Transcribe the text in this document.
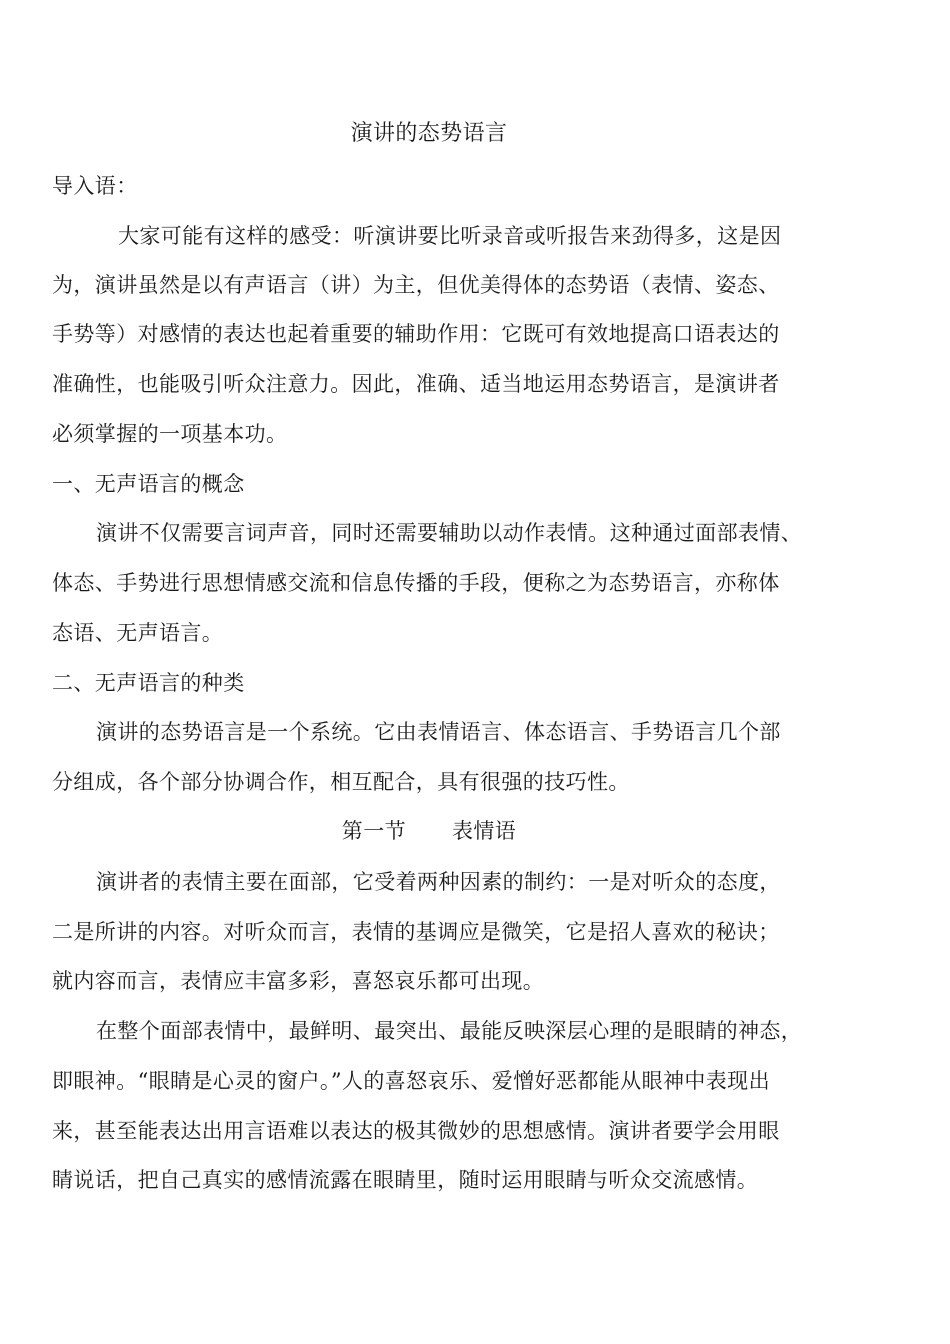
演讲的态势语言
导入语：
大家可能有这样的感受：听演讲要比听录音或听报告来劲得多，这是因
为，演讲虽然是以有声语言（讲）为主，但优美得体的态势语（表情、姿态、
手势等）对感情的表达也起着重要的辅助作用：它既可有效地提高口语表达的
准确性，也能吸引听众注意力。因此，准确、适当地运用态势语言，是演讲者
必须掌握的一项基本功。
一、无声语言的概念
演讲不仅需要言词声音，同时还需要辅助以动作表情。这种通过面部表情、
体态、手势进行思想情感交流和信息传播的手段，便称之为态势语言，亦称体
态语、无声语言。
二、无声语言的种类
演讲的态势语言是一个系统。它由表情语言、体态语言、手势语言几个部
分组成，各个部分协调合作，相互配合，具有很强的技巧性。
第一节 表情语
演讲者的表情主要在面部，它受着两种因素的制约：一是对听众的态度，
二是所讲的内容。对听众而言，表情的基调应是微笑，它是招人喜欢的秘诀；
就内容而言，表情应丰富多彩，喜怒哀乐都可出现。
在整个面部表情中，最鲜明、最突出、最能反映深层心理的是眼睛的神态，
即眼神。“眼睛是心灵的窗户。”人的喜怒哀乐、爱憎好恶都能从眼神中表现出
来，甚至能表达出用言语难以表达的极其微妙的思想感情。演讲者要学会用眼
睛说话，把自己真实的感情流露在眼睛里，随时运用眼睛与听众交流感情。
